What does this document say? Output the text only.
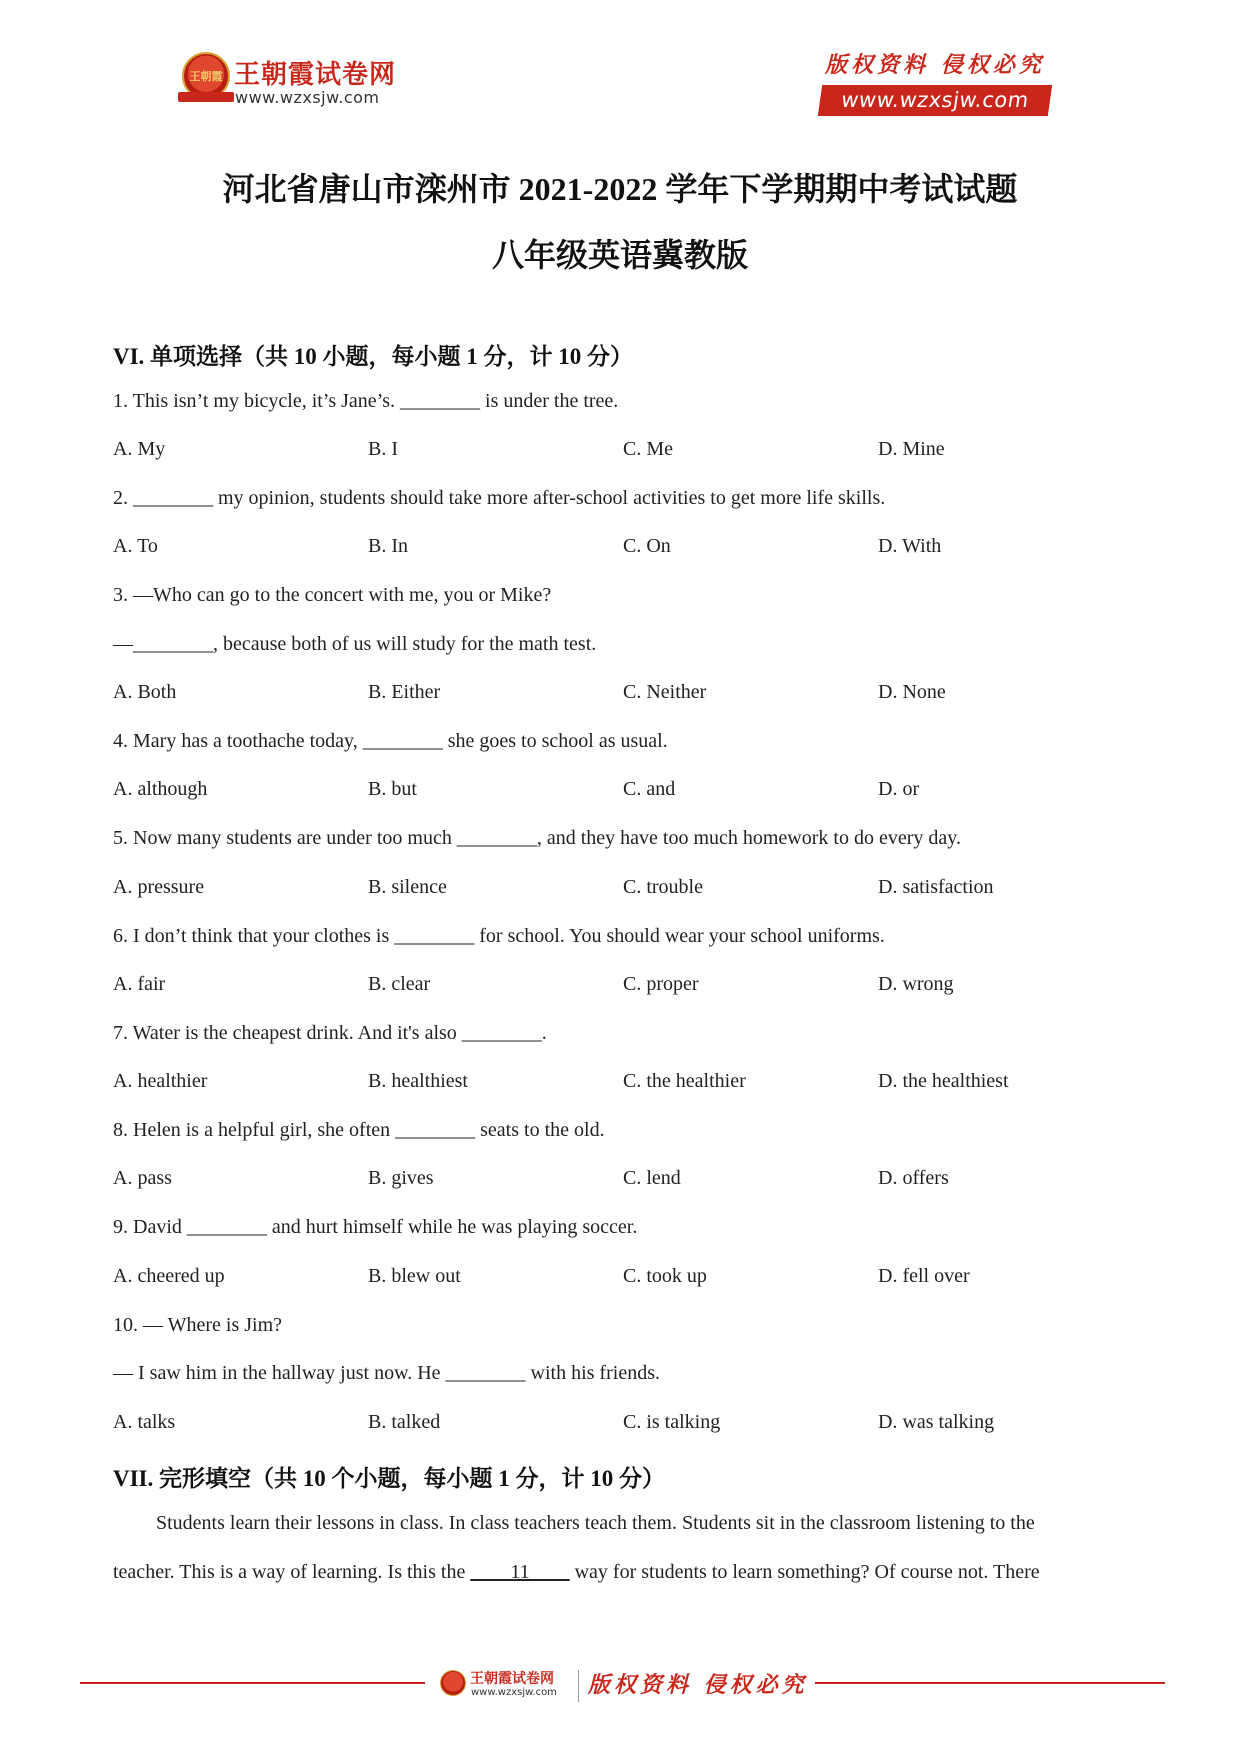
王朝霞 王朝霞试卷网
www.wzxsjw.com
版权资料 侵权必究
www.wzxsjw.com
河北省唐山市滦州市 2021-2022 学年下学期期中考试试题
八年级英语冀教版
VI. 单项选择（共 10 小题，每小题 1 分，计 10 分）
1. This isn’t my bicycle, it’s Jane’s. ________ is under the tree.
A. My	B. I	C. Me	D. Mine
2. ________ my opinion, students should take more after-school activities to get more life skills.
A. To	B. In	C. On	D. With
3. —Who can go to the concert with me, you or Mike?
—________, because both of us will study for the math test.
A. Both	B. Either	C. Neither	D. None
4. Mary has a toothache today, ________ she goes to school as usual.
A. although	B. but	C. and	D. or
5. Now many students are under too much ________, and they have too much homework to do every day.
A. pressure	B. silence	C. trouble	D. satisfaction
6. I don’t think that your clothes is ________ for school. You should wear your school uniforms.
A. fair	B. clear	C. proper	D. wrong
7. Water is the cheapest drink. And it's also ________.
A. healthier	B. healthiest	C. the healthier	D. the healthiest
8. Helen is a helpful girl, she often ________ seats to the old.
A. pass	B. gives	C. lend	D. offers
9. David ________ and hurt himself while he was playing soccer.
A. cheered up	B. blew out	C. took up	D. fell over
10. — Where is Jim?
— I saw him in the hallway just now. He ________ with his friends.
A. talks	B. talked	C. is talking	D. was talking
VII. 完形填空（共 10 个小题，每小题 1 分，计 10 分）
Students learn their lessons in class. In class teachers teach them. Students sit in the classroom listening to the
teacher. This is a way of learning. Is this the ____11____ way for students to learn something? Of course not. There
王朝霞试卷网
www.wzxsjw.com 版权资料 侵权必究
